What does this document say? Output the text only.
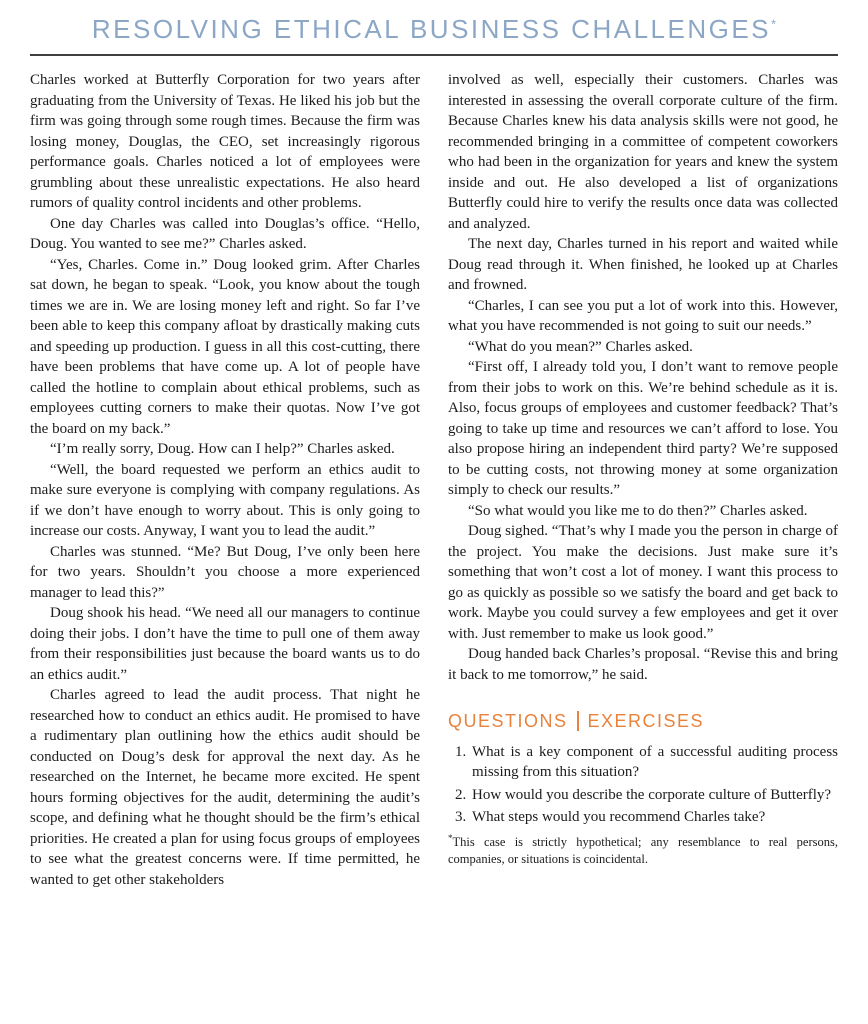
RESOLVING ETHICAL BUSINESS CHALLENGES*

Charles worked at Butterfly Corporation for two years after graduating from the University of Texas. He liked his job but the firm was going through some rough times. Because the firm was losing money, Douglas, the CEO, set increasingly rigorous performance goals. Charles noticed a lot of employees were grumbling about these unrealistic expectations. He also heard rumors of quality control incidents and other problems.

One day Charles was called into Douglas’s office. “Hello, Doug. You wanted to see me?” Charles asked.

“Yes, Charles. Come in.” Doug looked grim. After Charles sat down, he began to speak. “Look, you know about the tough times we are in. We are losing money left and right. So far I’ve been able to keep this company afloat by drastically making cuts and speeding up production. I guess in all this cost-cutting, there have been problems that have come up. A lot of people have called the hotline to complain about ethical problems, such as employees cutting corners to make their quotas. Now I’ve got the board on my back.”

“I’m really sorry, Doug. How can I help?” Charles asked.

“Well, the board requested we perform an ethics audit to make sure everyone is complying with company regulations. As if we don’t have enough to worry about. This is only going to increase our costs. Anyway, I want you to lead the audit.”

Charles was stunned. “Me? But Doug, I’ve only been here for two years. Shouldn’t you choose a more experienced manager to lead this?”

Doug shook his head. “We need all our managers to continue doing their jobs. I don’t have the time to pull one of them away from their responsibilities just because the board wants us to do an ethics audit.”

Charles agreed to lead the audit process. That night he researched how to conduct an ethics audit. He promised to have a rudimentary plan outlining how the ethics audit should be conducted on Doug’s desk for approval the next day. As he researched on the Internet, he became more excited. He spent hours forming objectives for the audit, determining the audit’s scope, and defining what he thought should be the firm’s ethical priorities. He created a plan for using focus groups of employees to see what the greatest concerns were. If time permitted, he wanted to get other stakeholders

involved as well, especially their customers. Charles was interested in assessing the overall corporate culture of the firm. Because Charles knew his data analysis skills were not good, he recommended bringing in a committee of competent coworkers who had been in the organization for years and knew the system inside and out. He also developed a list of organizations Butterfly could hire to verify the results once data was collected and analyzed.

The next day, Charles turned in his report and waited while Doug read through it. When finished, he looked up at Charles and frowned.

“Charles, I can see you put a lot of work into this. However, what you have recommended is not going to suit our needs.”

“What do you mean?” Charles asked.

“First off, I already told you, I don’t want to remove people from their jobs to work on this. We’re behind schedule as it is. Also, focus groups of employees and customer feedback? That’s going to take up time and resources we can’t afford to lose. You also propose hiring an independent third party? We’re supposed to be cutting costs, not throwing money at some organization simply to check our results.”

“So what would you like me to do then?” Charles asked.

Doug sighed. “That’s why I made you the person in charge of the project. You make the decisions. Just make sure it’s something that won’t cost a lot of money. I want this process to go as quickly as possible so we satisfy the board and get back to work. Maybe you could survey a few employees and get it over with. Just remember to make us look good.”

Doug handed back Charles’s proposal. “Revise this and bring it back to me tomorrow,” he said.

QUESTIONS EXERCISES
1. What is a key component of a successful auditing process missing from this situation?
2. How would you describe the corporate culture of Butterfly?
3. What steps would you recommend Charles take?

*This case is strictly hypothetical; any resemblance to real persons, companies, or situations is coincidental.
